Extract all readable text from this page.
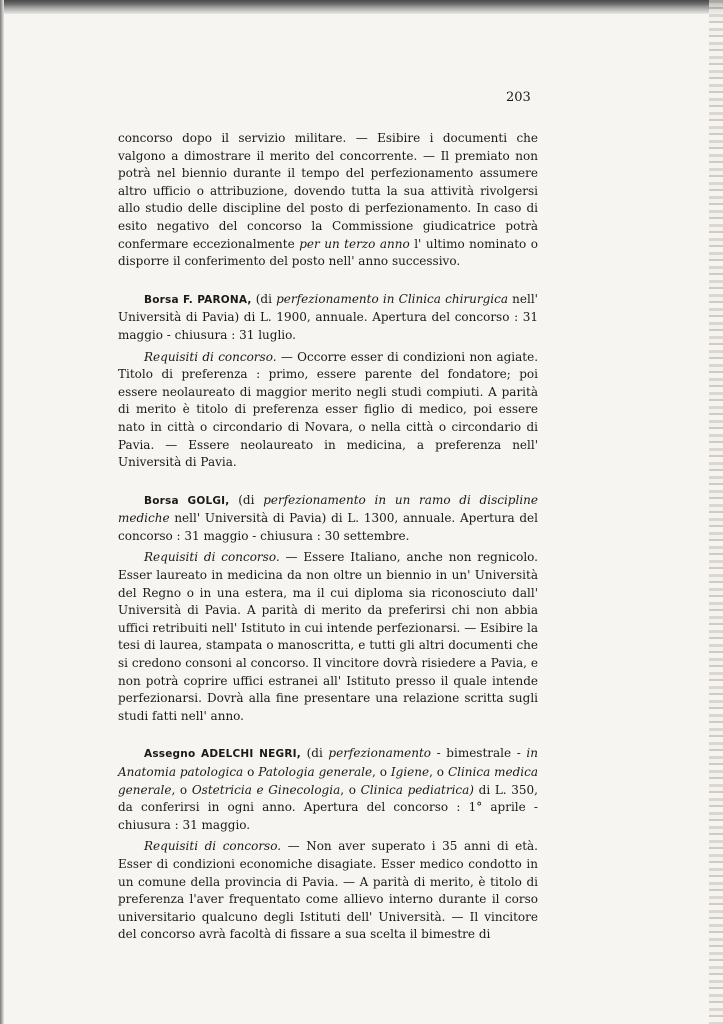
203

concorso dopo il servizio militare. — Esibire i documenti che valgono a dimostrare il merito del concorrente. — Il premiato non potrà nel biennio durante il tempo del perfezionamento assumere altro ufficio o attribuzione, dovendo tutta la sua attività rivolgersi allo studio delle discipline del posto di perfezionamento. In caso di esito negativo del concorso la Commissione giudicatrice potrà confermare eccezionalmente per un terzo anno l' ultimo nominato o disporre il conferimento del posto nell' anno successivo.

Borsa F. PARONA, (di perfezionamento in Clinica chirurgica nell' Università di Pavia) di L. 1900, annuale. Apertura del concorso : 31 maggio - chiusura : 31 luglio.

Requisiti di concorso. — Occorre esser di condizioni non agiate. Titolo di preferenza : primo, essere parente del fondatore; poi essere neolaureato di maggior merito negli studi compiuti. A parità di merito è titolo di preferenza esser figlio di medico, poi essere nato in città o circondario di Novara, o nella città o circondario di Pavia. — Essere neolaureato in medicina, a preferenza nell' Università di Pavia.

Borsa GOLGI, (di perfezionamento in un ramo di discipline mediche nell' Università di Pavia) di L. 1300, annuale. Apertura del concorso : 31 maggio - chiusura : 30 settembre.

Requisiti di concorso. — Essere Italiano, anche non regnicolo. Esser laureato in medicina da non oltre un biennio in un' Università del Regno o in una estera, ma il cui diploma sia riconosciuto dall' Università di Pavia. A parità di merito da preferirsi chi non abbia uffici retribuiti nell' Istituto in cui intende perfezionarsi. — Esibire la tesi di laurea, stampata o manoscritta, e tutti gli altri documenti che si credono consoni al concorso. Il vincitore dovrà risiedere a Pavia, e non potrà coprire uffici estranei all' Istituto presso il quale intende perfezionarsi. Dovrà alla fine presentare una relazione scritta sugli studi fatti nell' anno.

Assegno ADELCHI NEGRI, (di perfezionamento - bimestrale - in Anatomia patologica o Patologia generale, o Igiene, o Clinica medica generale, o Ostetricia e Ginecologia, o Clinica pediatrica) di L. 350, da conferirsi in ogni anno. Apertura del concorso : 1° aprile - chiusura : 31 maggio.

Requisiti di concorso. — Non aver superato i 35 anni di età. Esser di condizioni economiche disagiate. Esser medico condotto in un comune della provincia di Pavia. — A parità di merito, è titolo di preferenza l'aver frequentato come allievo interno durante il corso universitario qualcuno degli Istituti dell' Università. — Il vincitore del concorso avrà facoltà di fissare a sua scelta il bimestre di
